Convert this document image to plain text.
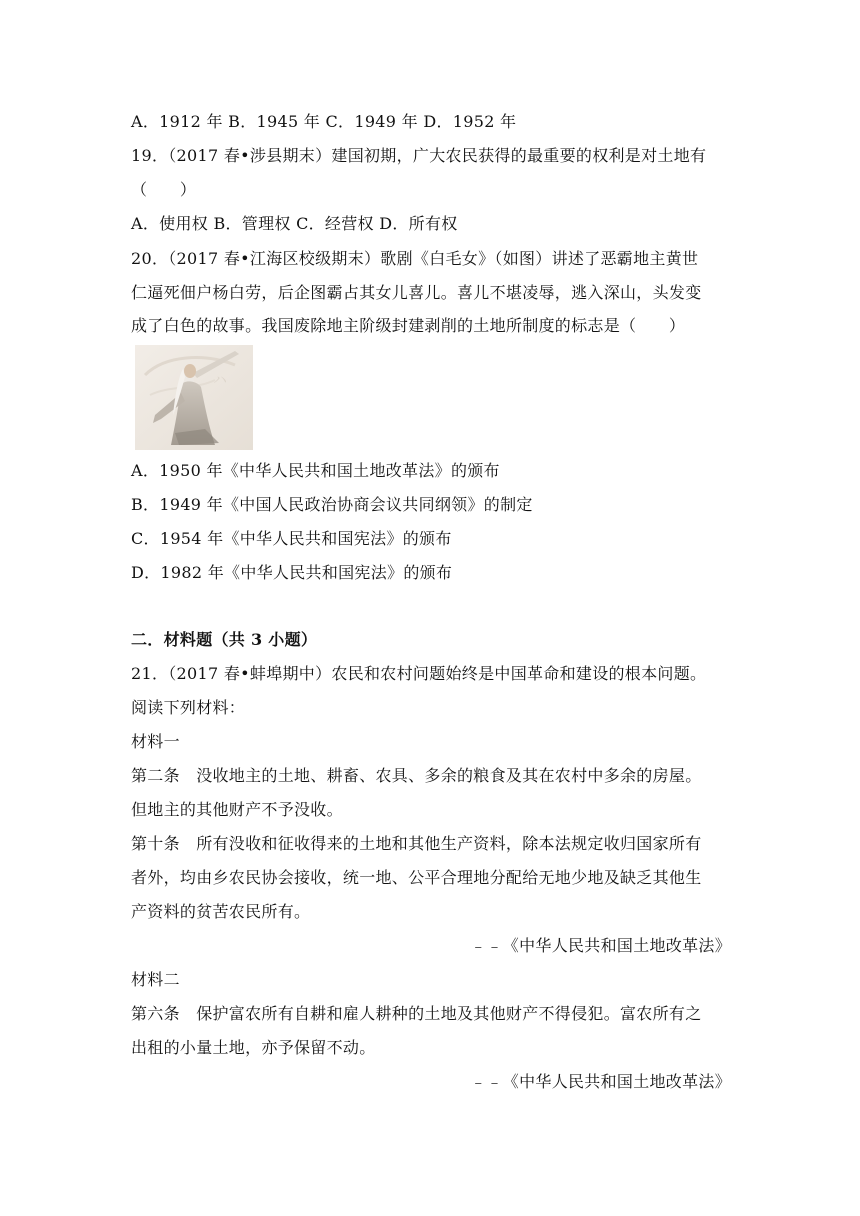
A．1912 年 B．1945 年 C．1949 年 D．1952 年
19．（2017 春•涉县期末）建国初期，广大农民获得的最重要的权利是对土地有
（　　）
A．使用权 B．管理权 C．经营权 D．所有权
20．（2017 春•江海区校级期末）歌剧《白毛女》（如图）讲述了恶霸地主黄世
仁逼死佃户杨白劳，后企图霸占其女儿喜儿。喜儿不堪凌辱，逃入深山，头发变
成了白色的故事。我国废除地主阶级封建剥削的土地所制度的标志是（　　）
ハ
A．1950 年《中华人民共和国土地改革法》的颁布
B．1949 年《中国人民政治协商会议共同纲领》的制定
C．1954 年《中华人民共和国宪法》的颁布
D．1982 年《中华人民共和国宪法》的颁布
二．材料题（共 3 小题）
21．（2017 春•蚌埠期中）农民和农村问题始终是中国革命和建设的根本问题。
阅读下列材料：
材料一
第二条　没收地主的土地、耕畜、农具、多余的粮食及其在农村中多余的房屋。
但地主的其他财产不予没收。
第十条　所有没收和征收得来的土地和其他生产资料，除本法规定收归国家所有
者外，均由乡农民协会接收，统一地、公平合理地分配给无地少地及缺乏其他生
产资料的贫苦农民所有。
﹣﹣《中华人民共和国土地改革法》
材料二
第六条　保护富农所有自耕和雇人耕种的土地及其他财产不得侵犯。富农所有之
出租的小量土地，亦予保留不动。
﹣﹣《中华人民共和国土地改革法》
